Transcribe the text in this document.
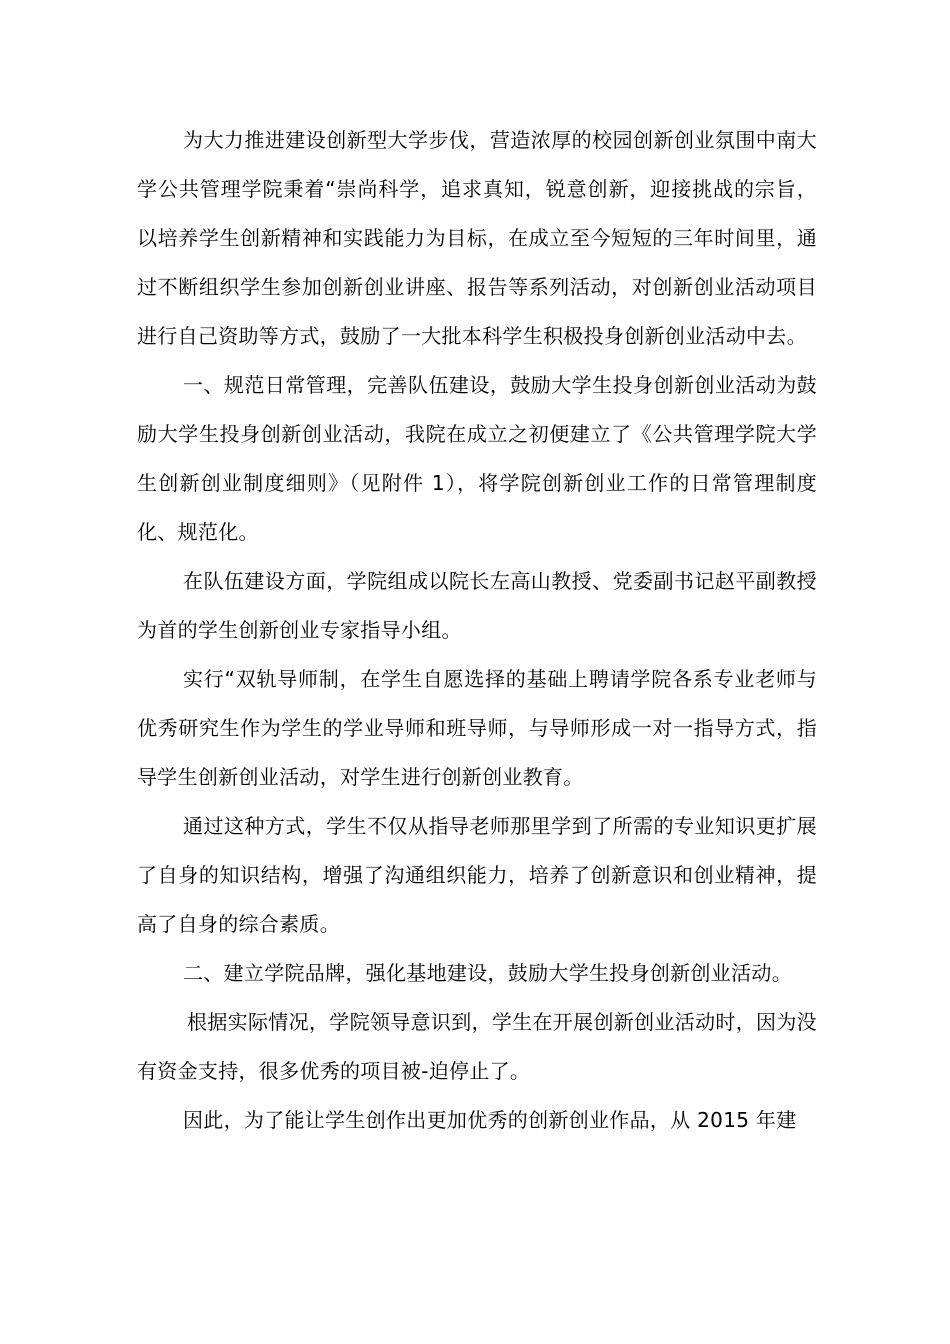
为大力推进建设创新型大学步伐，营造浓厚的校园创新创业氛围中南大学公共管理学院秉着“崇尚科学，追求真知，锐意创新，迎接挑战的宗旨，以培养学生创新精神和实践能力为目标，在成立至今短短的三年时间里，通过不断组织学生参加创新创业讲座、报告等系列活动，对创新创业活动项目进行自己资助等方式，鼓励了一大批本科学生积极投身创新创业活动中去。

一、规范日常管理，完善队伍建设，鼓励大学生投身创新创业活动为鼓励大学生投身创新创业活动，我院在成立之初便建立了《公共管理学院大学生创新创业制度细则》（见附件 1），将学院创新创业工作的日常管理制度化、规范化。

在队伍建设方面，学院组成以院长左高山教授、党委副书记赵平副教授为首的学生创新创业专家指导小组。

实行“双轨导师制，在学生自愿选择的基础上聘请学院各系专业老师与优秀研究生作为学生的学业导师和班导师，与导师形成一对一指导方式，指导学生创新创业活动，对学生进行创新创业教育。

通过这种方式，学生不仅从指导老师那里学到了所需的专业知识更扩展了自身的知识结构，增强了沟通组织能力，培养了创新意识和创业精神，提高了自身的综合素质。

二、建立学院品牌，强化基地建设，鼓励大学生投身创新创业活动。

根据实际情况，学院领导意识到，学生在开展创新创业活动时，因为没有资金支持，很多优秀的项目被-迫停止了。

因此，为了能让学生创作出更加优秀的创新创业作品，从 2015 年建
